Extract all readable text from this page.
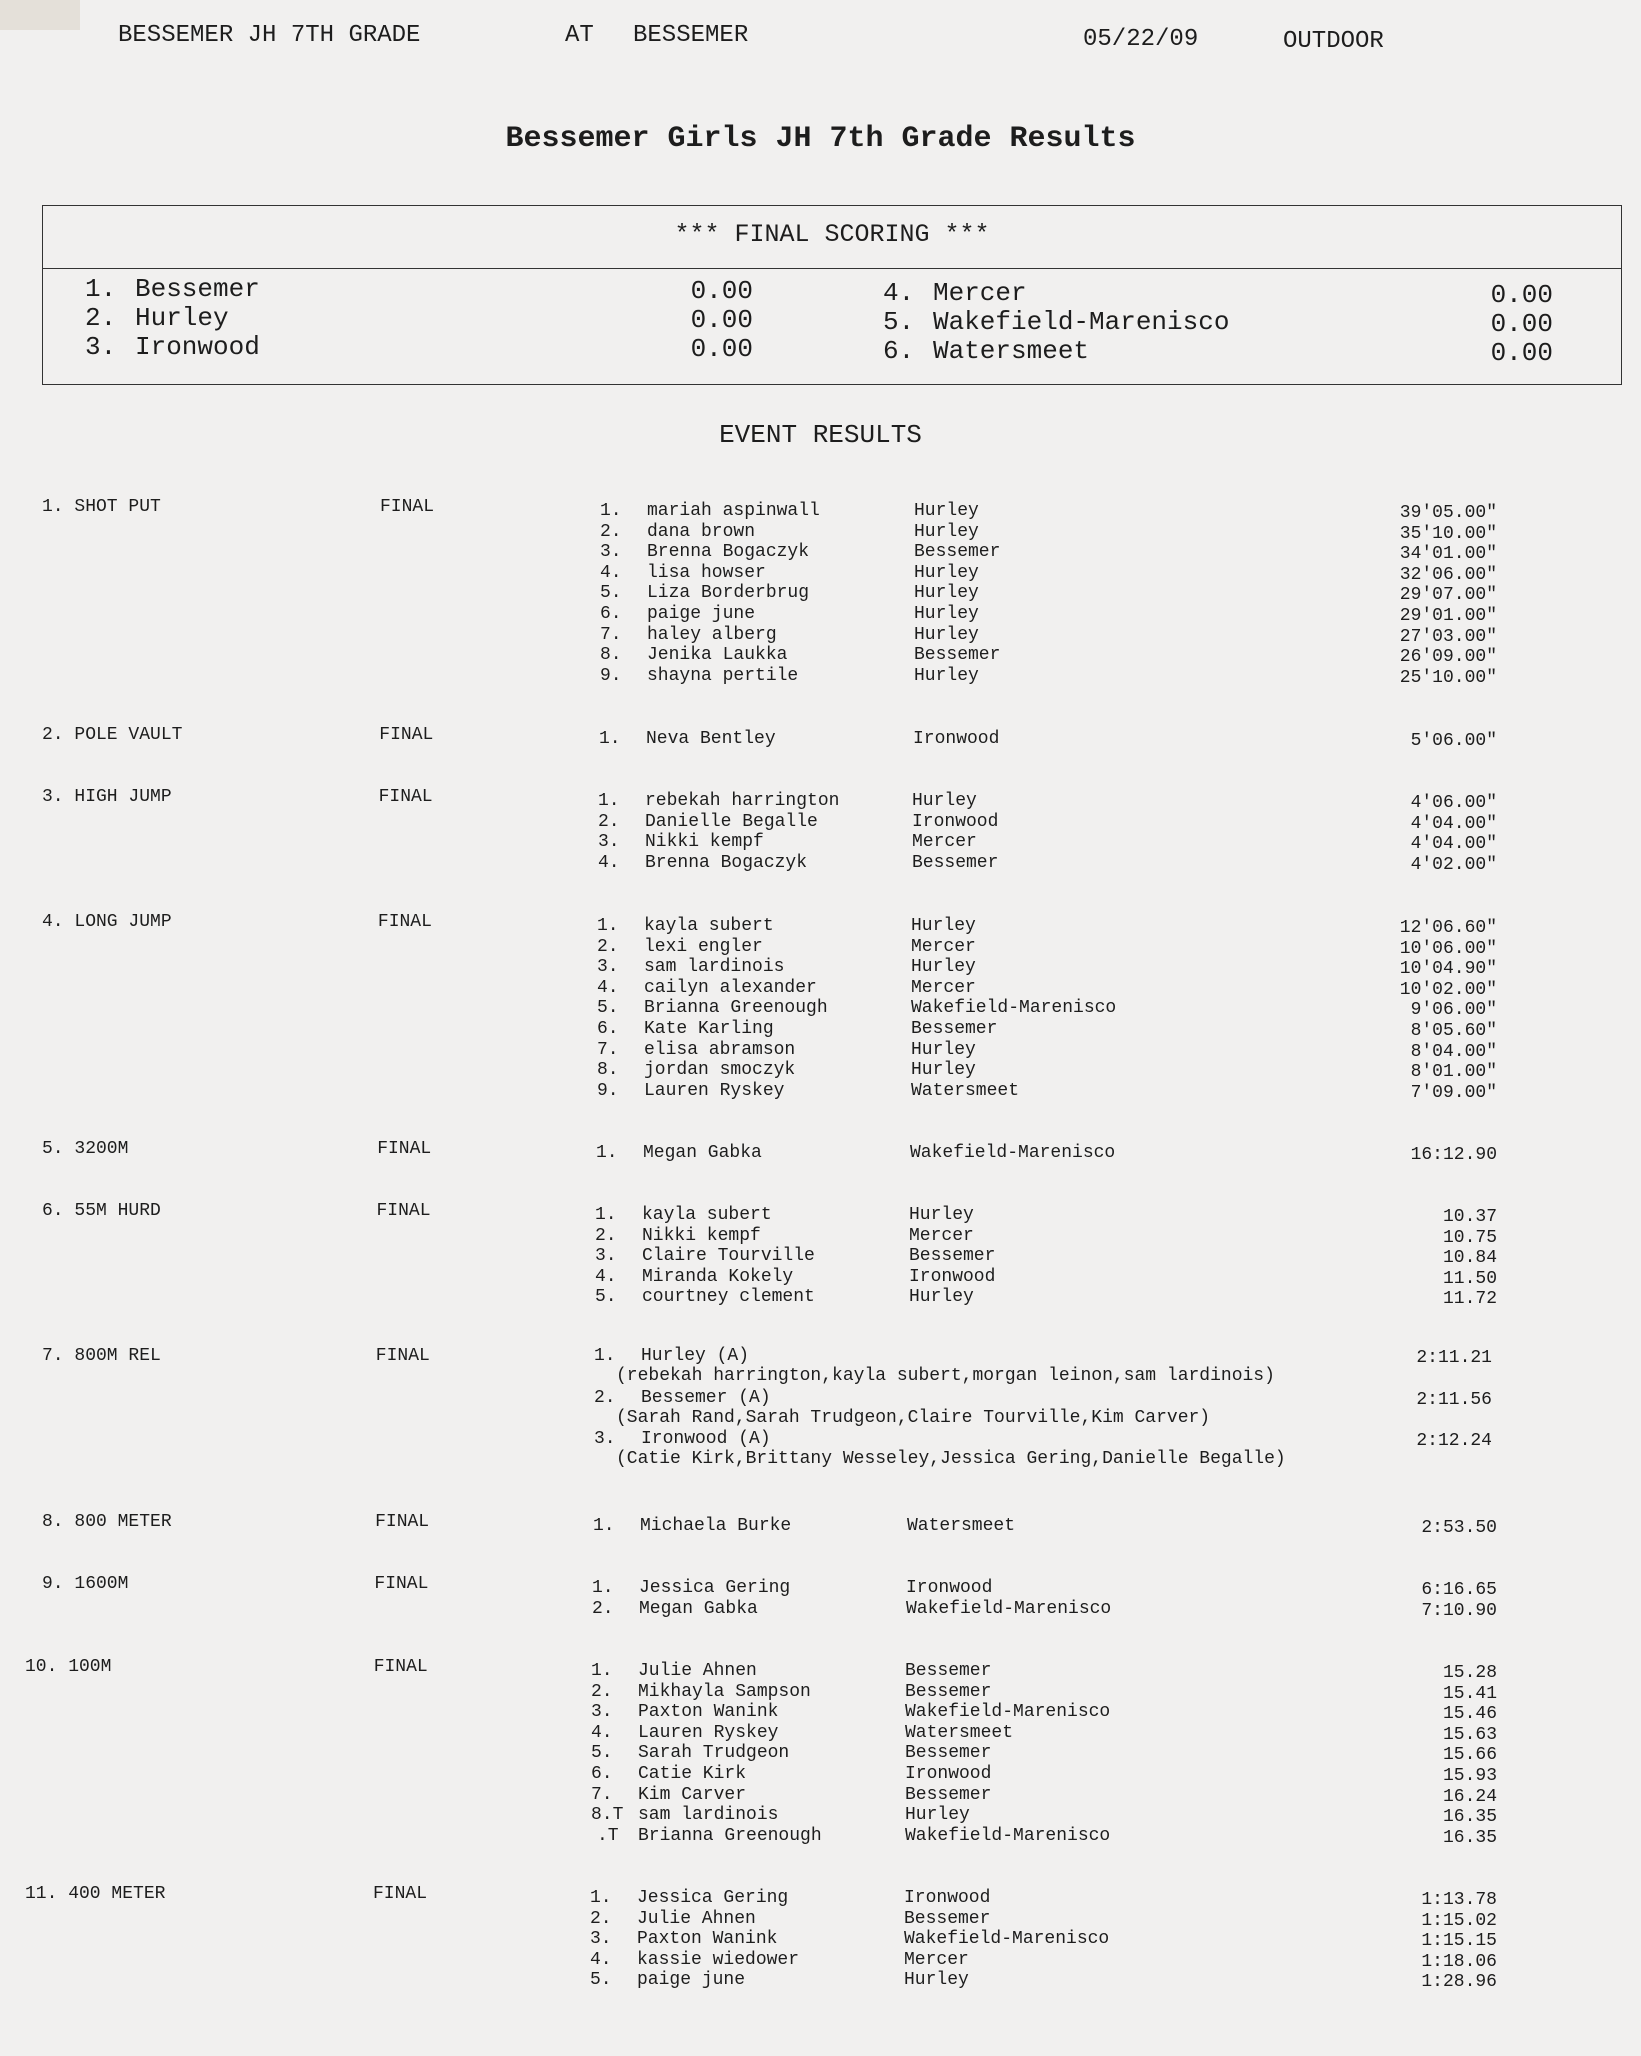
BESSEMER JH 7TH GRADE	AT BESSEMER	05/22/09	OUTDOOR
Bessemer Girls JH 7th Grade Results
*** FINAL SCORING ***
1. Bessemer	0.00
2. Hurley	0.00
3. Ironwood	0.00
4. Mercer	0.00
5. Wakefield-Marenisco	0.00
6. Watersmeet	0.00
EVENT RESULTS
1. SHOT PUT	FINAL	1. mariah aspinwall	Hurley	39'05.00"
2. dana brown	Hurley	35'10.00"
3. Brenna Bogaczyk	Bessemer	34'01.00"
4. lisa howser	Hurley	32'06.00"
5. Liza Borderbrug	Hurley	29'07.00"
6. paige june	Hurley	29'01.00"
7. haley alberg	Hurley	27'03.00"
8. Jenika Laukka	Bessemer	26'09.00"
9. shayna pertile	Hurley	25'10.00"
2. POLE VAULT	FINAL	1. Neva Bentley	Ironwood	5'06.00"
3. HIGH JUMP	FINAL	1. rebekah harrington	Hurley	4'06.00"
2. Danielle Begalle	Ironwood	4'04.00"
3. Nikki kempf	Mercer	4'04.00"
4. Brenna Bogaczyk	Bessemer	4'02.00"
4. LONG JUMP	FINAL	1. kayla subert	Hurley	12'06.60"
2. lexi engler	Mercer	10'06.00"
3. sam lardinois	Hurley	10'04.90"
4. cailyn alexander	Mercer	10'02.00"
5. Brianna Greenough	Wakefield-Marenisco	9'06.00"
6. Kate Karling	Bessemer	8'05.60"
7. elisa abramson	Hurley	8'04.00"
8. jordan smoczyk	Hurley	8'01.00"
9. Lauren Ryskey	Watersmeet	7'09.00"
5. 3200M	FINAL	1. Megan Gabka	Wakefield-Marenisco	16:12.90
6. 55M HURD	FINAL	1. kayla subert	Hurley	10.37
2. Nikki kempf	Mercer	10.75
3. Claire Tourville	Bessemer	10.84
4. Miranda Kokely	Ironwood	11.50
5. courtney clement	Hurley	11.72
7. 800M REL	FINAL	1. Hurley (A)	2:11.21
(rebekah harrington,kayla subert,morgan leinon,sam lardinois)
2. Bessemer (A)	2:11.56
(Sarah Rand,Sarah Trudgeon,Claire Tourville,Kim Carver)
3. Ironwood (A)	2:12.24
(Catie Kirk,Brittany Wesseley,Jessica Gering,Danielle Begalle)
8. 800 METER	FINAL	1. Michaela Burke	Watersmeet	2:53.50
9. 1600M	FINAL	1. Jessica Gering	Ironwood	6:16.65
2. Megan Gabka	Wakefield-Marenisco	7:10.90
10. 100M	FINAL	1. Julie Ahnen	Bessemer	15.28
2. Mikhayla Sampson	Bessemer	15.41
3. Paxton Wanink	Wakefield-Marenisco	15.46
4. Lauren Ryskey	Watersmeet	15.63
5. Sarah Trudgeon	Bessemer	15.66
6. Catie Kirk	Ironwood	15.93
7. Kim Carver	Bessemer	16.24
8.T sam lardinois	Hurley	16.35
.T Brianna Greenough	Wakefield-Marenisco	16.35
11. 400 METER	FINAL	1. Jessica Gering	Ironwood	1:13.78
2. Julie Ahnen	Bessemer	1:15.02
3. Paxton Wanink	Wakefield-Marenisco	1:15.15
4. kassie wiedower	Mercer	1:18.06
5. paige june	Hurley	1:28.96
